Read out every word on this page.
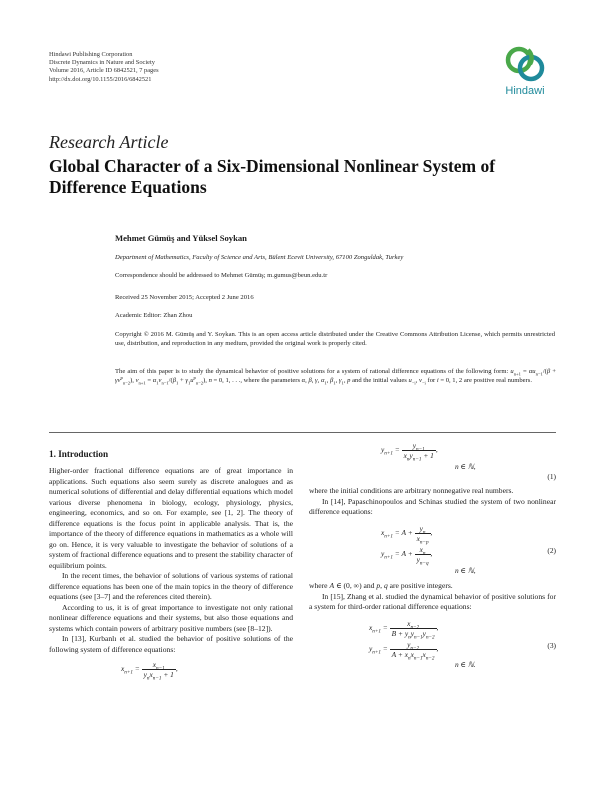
Hindawi Publishing Corporation
Discrete Dynamics in Nature and Society
Volume 2016, Article ID 6842521, 7 pages
http://dx.doi.org/10.1155/2016/6842521
Hindawi
Research Article
Global Character of a Six-Dimensional Nonlinear System of Difference Equations
Mehmet Gümüş and Yüksel Soykan
Department of Mathematics, Faculty of Science and Arts, Bülent Ecevit University, 67100 Zonguldak, Turkey
Correspondence should be addressed to Mehmet Gümüş; m.gumus@beun.edu.tr
Received 25 November 2015; Accepted 2 June 2016
Academic Editor: Zhan Zhou
Copyright © 2016 M. Gümüş and Y. Soykan. This is an open access article distributed under the Creative Commons Attribution License, which permits unrestricted use, distribution, and reproduction in any medium, provided the original work is properly cited.
The aim of this paper is to study the dynamical behavior of positive solutions for a system of rational difference equations of the following form: $u_{n+1} = \alpha u_{n-1}/(\beta + \gamma v^p_{n-2})$, $v_{n+1} = \alpha_1v_{n-1}/(\beta_1 + \gamma_1u^p_{n-2})$, n = 0, 1, . . ., where the parameters α, β, γ, $\alpha_1$, $\beta_1$, $\gamma_1$, p and the initial values $u_{-i}$, $v_{-i}$ for i = 0, 1, 2 are positive real numbers.
1. Introduction

Higher-order fractional difference equations are of great importance in applications. Such equations also seem surely as discrete analogues and as numerical solutions of differential and delay differential equations which model various diverse phenomena in biology, ecology, physiology, physics, engineering, economics, and so on. For example, see [1, 2]. The theory of difference equations is the focus point in applicable analysis. That is, the importance of the theory of difference equations in mathematics as a whole will go on. Hence, it is very valuable to investigate the behavior of solutions of a system of fractional difference equations and to present the stability character of equilibrium points.

In the recent times, the behavior of solutions of various systems of rational difference equations has been one of the main topics in the theory of difference equations (see [3–7] and the references cited therein).

According to us, it is of great importance to investigate not only rational nonlinear difference equations and their systems, but also those equations and systems which contain powers of arbitrary positive numbers (see [8–12]).

In [13], Kurbanlı et al. studied the behavior of positive solutions of the following system of difference equations:

$x_{n+1} = \frac{x_{n-1}}{y_nx_{n-1} + 1}$ ,
$y_{n+1} = \frac{y_{n-1}}{x_ny_{n-1} + 1}$ ,
n ∈ ℕ,
(1)

where the initial conditions are arbitrary nonnegative real numbers.

In [14], Papaschinopoulos and Schinas studied the system of two nonlinear difference equations:

$x_{n+1} = A + \frac{y_n}{x_{n-p}}$ ,
$y_{n+1} = A + \frac{x_n}{y_{n-q}}$ ,	(2)
n ∈ ℕ,

where A ∈ (0, ∞) and p, q are positive integers.

In [15], Zhang et al. studied the dynamical behavior of positive solutions for a system for third-order rational difference equations:

$x_{n+1} = \frac{x_{n-2}}{B + y_ny_{n-1}y_{n-2}}$ ,
$y_{n+1} = \frac{y_{n-2}}{A + x_nx_{n-1}x_{n-2}}$ ,	(3)
n ∈ ℕ.
